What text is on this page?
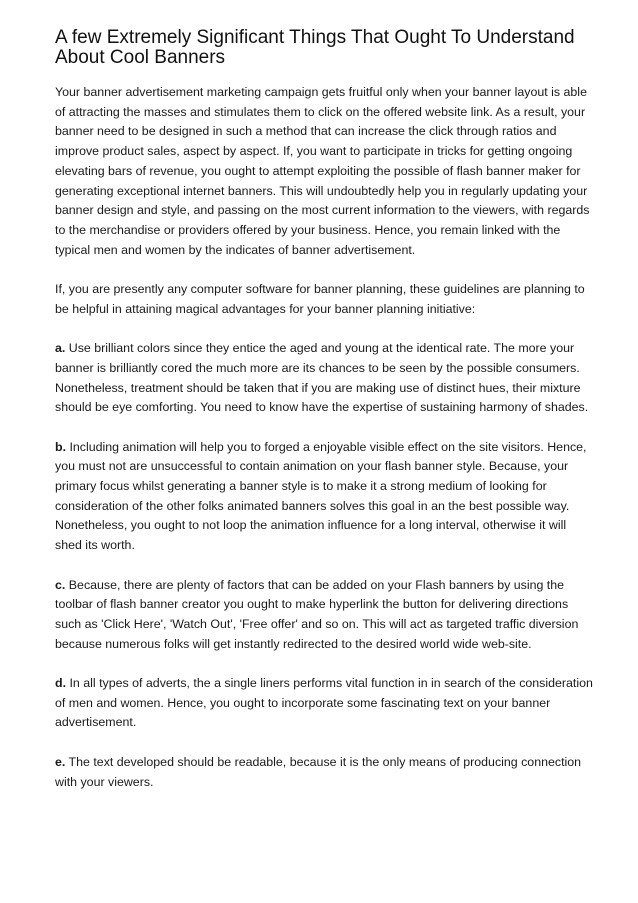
A few Extremely Significant Things That Ought To Understand About Cool Banners

Your banner advertisement marketing campaign gets fruitful only when your banner layout is able of attracting the masses and stimulates them to click on the offered website link. As a result, your banner need to be designed in such a method that can increase the click through ratios and improve product sales, aspect by aspect. If, you want to participate in tricks for getting ongoing elevating bars of revenue, you ought to attempt exploiting the possible of flash banner maker for generating exceptional internet banners. This will undoubtedly help you in regularly updating your banner design and style, and passing on the most current information to the viewers, with regards to the merchandise or providers offered by your business. Hence, you remain linked with the typical men and women by the indicates of banner advertisement.

If, you are presently any computer software for banner planning, these guidelines are planning to be helpful in attaining magical advantages for your banner planning initiative:

a. Use brilliant colors since they entice the aged and young at the identical rate. The more your banner is brilliantly cored the much more are its chances to be seen by the possible consumers. Nonetheless, treatment should be taken that if you are making use of distinct hues, their mixture should be eye comforting. You need to know have the expertise of sustaining harmony of shades.

b. Including animation will help you to forged a enjoyable visible effect on the site visitors. Hence, you must not are unsuccessful to contain animation on your flash banner style. Because, your primary focus whilst generating a banner style is to make it a strong medium of looking for consideration of the other folks animated banners solves this goal in an the best possible way. Nonetheless, you ought to not loop the animation influence for a long interval, otherwise it will shed its worth.

c. Because, there are plenty of factors that can be added on your Flash banners by using the toolbar of flash banner creator you ought to make hyperlink the button for delivering directions such as 'Click Here', 'Watch Out', 'Free offer' and so on. This will act as targeted traffic diversion because numerous folks will get instantly redirected to the desired world wide web-site.

d. In all types of adverts, the a single liners performs vital function in in search of the consideration of men and women. Hence, you ought to incorporate some fascinating text on your banner advertisement.

e. The text developed should be readable, because it is the only means of producing connection with your viewers.
